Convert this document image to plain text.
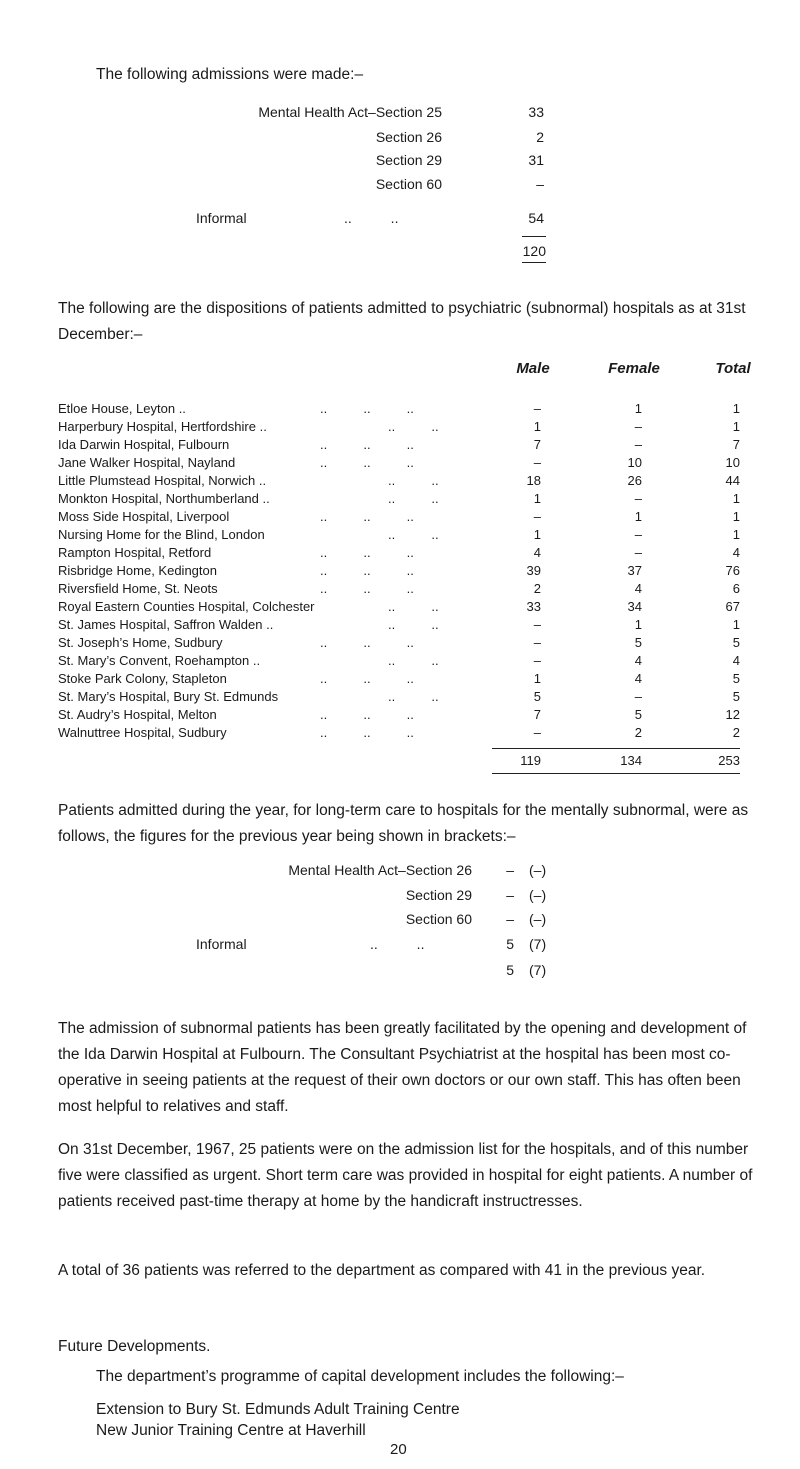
The following admissions were made:–

Mental Health Act–Section 25	33
Section 26	2
Section 29	31
Section 60	–
Informal	..          ..	54
120

The following are the dispositions of patients admitted to psychiatric (subnormal) hospitals as at 31st December:–

Male	Female	Total
Etloe House, Leyton ..	..          ..          ..	–	1	1
Harperbury Hospital, Hertfordshire ..	..          ..	1	–	1
Ida Darwin Hospital, Fulbourn	..          ..          ..	7	–	7
Jane Walker Hospital, Nayland	..          ..          ..	–	10	10
Little Plumstead Hospital, Norwich ..	..          ..	18	26	44
Monkton Hospital, Northumberland ..	..          ..	1	–	1
Moss Side Hospital, Liverpool	..          ..          ..	–	1	1
Nursing Home for the Blind, London	..          ..	1	–	1
Rampton Hospital, Retford	..          ..          ..	4	–	4
Risbridge Home, Kedington	..          ..          ..	39	37	76
Riversfield Home, St. Neots	..          ..          ..	2	4	6
Royal Eastern Counties Hospital, Colchester	..          ..	33	34	67
St. James Hospital, Saffron Walden ..	..          ..	–	1	1
St. Joseph’s Home, Sudbury	..          ..          ..	–	5	5
St. Mary’s Convent, Roehampton ..	..          ..	–	4	4
Stoke Park Colony, Stapleton	..          ..          ..	1	4	5
St. Mary’s Hospital, Bury St. Edmunds	..          ..	5	–	5
St. Audry’s Hospital, Melton	..          ..          ..	7	5	12
Walnuttree Hospital, Sudbury	..          ..          ..	–	2	2
119	134	253

Patients admitted during the year, for long-term care to hospitals for the mentally subnormal, were as follows, the figures for the previous year being shown in brackets:–

Mental Health Act–Section 26 – (–)
Section 29 – (–)
Section 60 – (–)
Informal	..          ..	5 (7)
5 (7)

The admission of subnormal patients has been greatly facilitated by the opening and development of the Ida Darwin Hospital at Fulbourn. The Consultant Psychiatrist at the hospital has been most co-operative in seeing patients at the request of their own doctors or our own staff. This has often been most helpful to relatives and staff.

On 31st December, 1967, 25 patients were on the admission list for the hospitals, and of this number five were classified as urgent. Short term care was provided in hospital for eight patients. A number of patients received past-time therapy at home by the handicraft instructresses.

A total of 36 patients was referred to the department as compared with 41 in the previous year.

Future Developments.

The department’s programme of capital development includes the following:–

Extension to Bury St. Edmunds Adult Training Centre

New Junior Training Centre at Haverhill

20
